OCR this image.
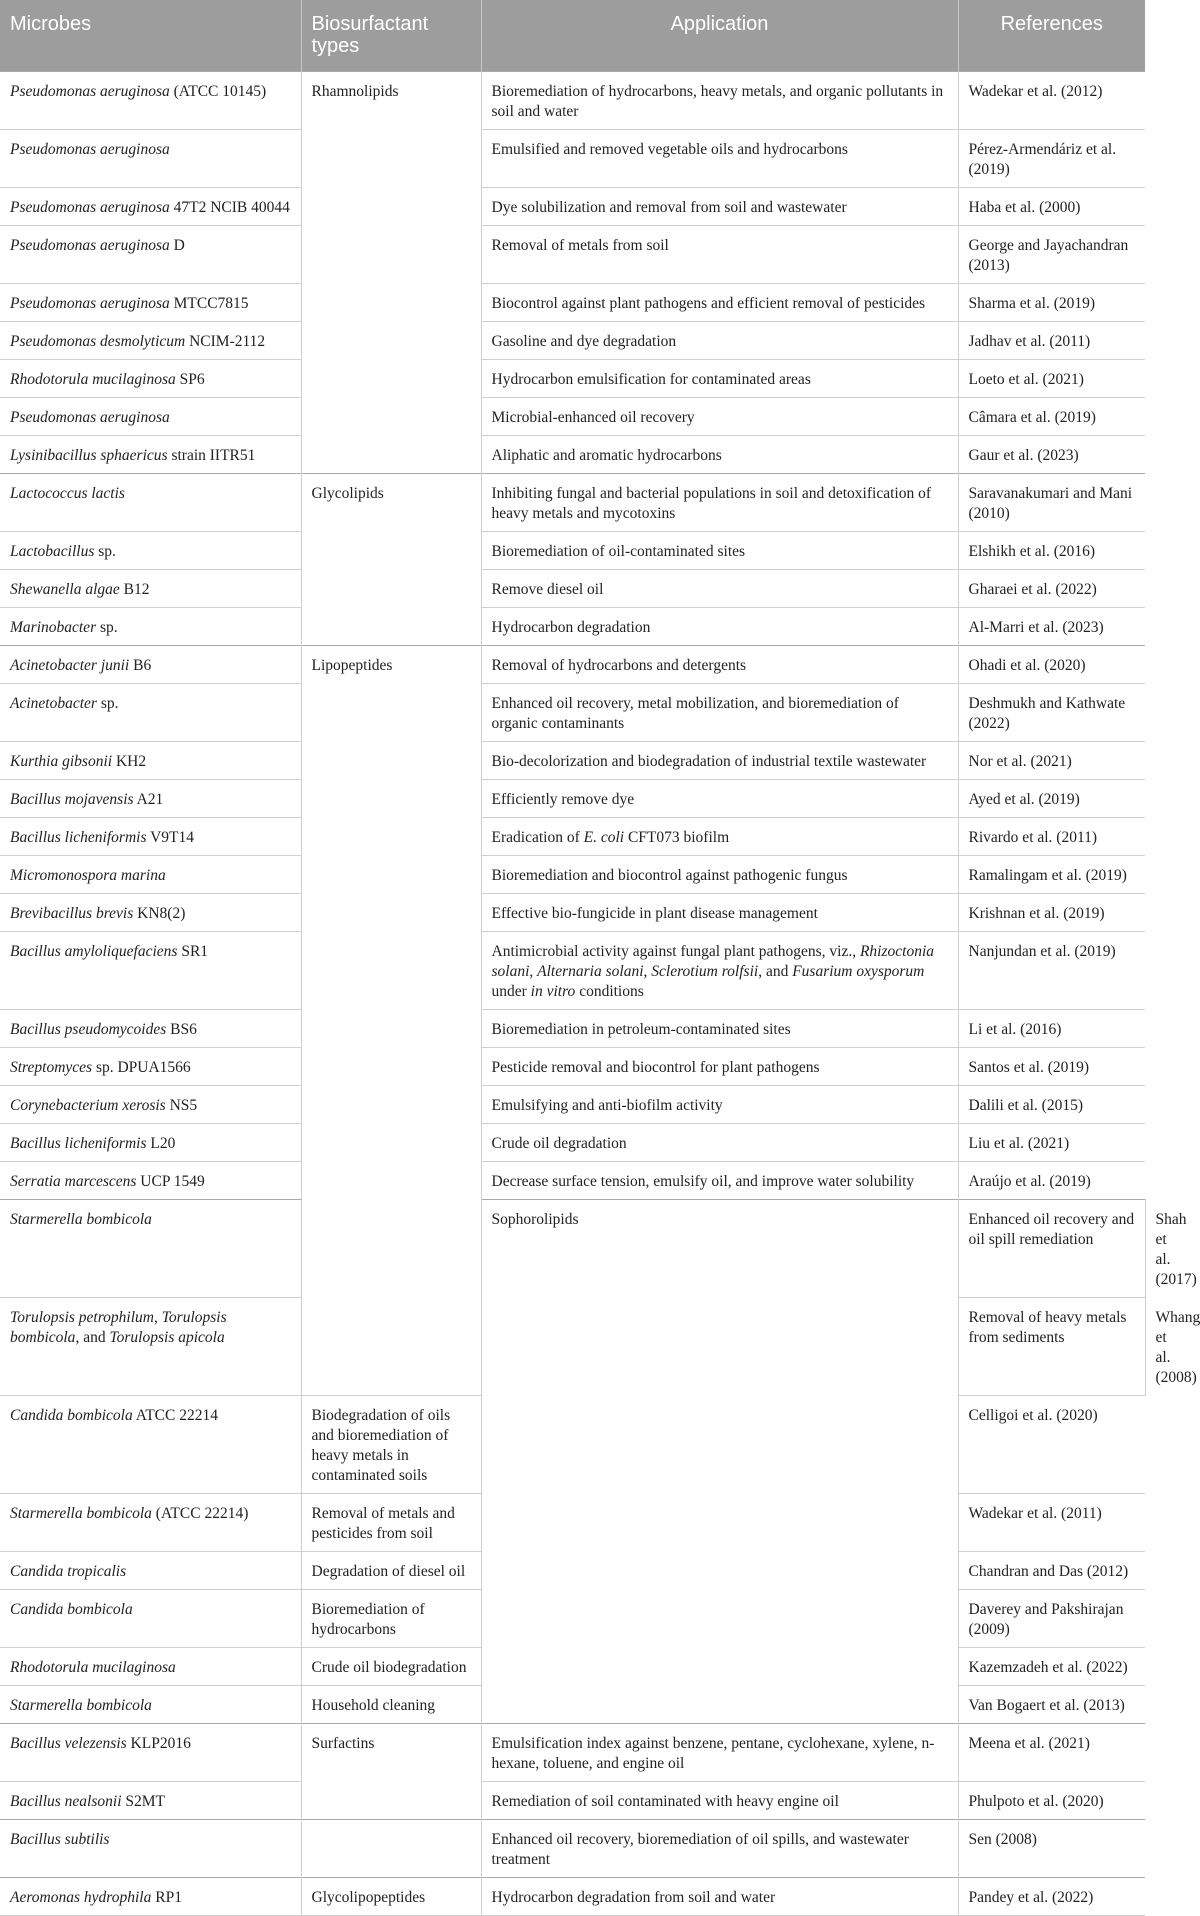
Microbes	Biosurfactant types	Application	References	
Pseudomonas aeruginosa (ATCC 10145)	Rhamnolipids	Bioremediation of hydrocarbons, heavy metals, and organic pollutants in soil and water	Wadekar et al. (2012)	
Pseudomonas aeruginosa		Emulsified and removed vegetable oils and hydrocarbons	Pérez-Armendáriz et al. (2019)	
Pseudomonas aeruginosa 47T2 NCIB 40044		Dye solubilization and removal from soil and wastewater	Haba et al. (2000)	
Pseudomonas aeruginosa D		Removal of metals from soil	George and Jayachandran (2013)	
Pseudomonas aeruginosa MTCC7815		Biocontrol against plant pathogens and efficient removal of pesticides	Sharma et al. (2019)	
Pseudomonas desmolyticum NCIM-2112		Gasoline and dye degradation	Jadhav et al. (2011)	
Rhodotorula mucilaginosa SP6		Hydrocarbon emulsification for contaminated areas	Loeto et al. (2021)	
Pseudomonas aeruginosa		Microbial-enhanced oil recovery	Câmara et al. (2019)	
Lysinibacillus sphaericus strain IITR51		Aliphatic and aromatic hydrocarbons	Gaur et al. (2023)	
Lactococcus lactis	Glycolipids	Inhibiting fungal and bacterial populations in soil and detoxification of heavy metals and mycotoxins	Saravanakumari and Mani (2010)	
Lactobacillus sp.		Bioremediation of oil-contaminated sites	Elshikh et al. (2016)	
Shewanella algae B12		Remove diesel oil	Gharaei et al. (2022)	
Marinobacter sp.		Hydrocarbon degradation	Al-Marri et al. (2023)	
Acinetobacter junii B6	Lipopeptides	Removal of hydrocarbons and detergents	Ohadi et al. (2020)	
Acinetobacter sp.		Enhanced oil recovery, metal mobilization, and bioremediation of organic contaminants	Deshmukh and Kathwate (2022)	
Kurthia gibsonii KH2		Bio-decolorization and biodegradation of industrial textile wastewater	Nor et al. (2021)	
Bacillus mojavensis A21		Efficiently remove dye	Ayed et al. (2019)	
Bacillus licheniformis V9T14		Eradication of E. coli CFT073 biofilm	Rivardo et al. (2011)	
Micromonospora marina		Bioremediation and biocontrol against pathogenic fungus	Ramalingam et al. (2019)	
Brevibacillus brevis KN8(2)		Effective bio-fungicide in plant disease management	Krishnan et al. (2019)	
Bacillus amyloliquefaciens SR1		Antimicrobial activity against fungal plant pathogens, viz., Rhizoctonia solani, Alternaria solani, Sclerotium rolfsii, and Fusarium oxysporum under in vitro conditions	Nanjundan et al. (2019)	
Bacillus pseudomycoides BS6		Bioremediation in petroleum-contaminated sites	Li et al. (2016)	
Streptomyces sp. DPUA1566		Pesticide removal and biocontrol for plant pathogens	Santos et al. (2019)	
Corynebacterium xerosis NS5		Emulsifying and anti-biofilm activity	Dalili et al. (2015)	
Bacillus licheniformis L20		Crude oil degradation	Liu et al. (2021)	
Serratia marcescens UCP 1549		Decrease surface tension, emulsify oil, and improve water solubility	Araújo et al. (2019)	
Starmerella bombicola		Sophorolipids	Enhanced oil recovery and oil spill remediation	Shah et al. (2017)
Torulopsis petrophilum, Torulopsis bombicola, and Torulopsis apicola			Removal of heavy metals from sediments	Whang et al. (2008)
Candida bombicola ATCC 22214	Biodegradation of oils and bioremediation of heavy metals in contaminated soils		Celligoi et al. (2020)	
Starmerella bombicola (ATCC 22214)	Removal of metals and pesticides from soil		Wadekar et al. (2011)	
Candida tropicalis	Degradation of diesel oil		Chandran and Das (2012)	
Candida bombicola	Bioremediation of hydrocarbons		Daverey and Pakshirajan (2009)	
Rhodotorula mucilaginosa	Crude oil biodegradation		Kazemzadeh et al. (2022)	
Starmerella bombicola	Household cleaning		Van Bogaert et al. (2013)	
Bacillus velezensis KLP2016	Surfactins	Emulsification index against benzene, pentane, cyclohexane, xylene, n-hexane, toluene, and engine oil	Meena et al. (2021)	
Bacillus nealsonii S2MT		Remediation of soil contaminated with heavy engine oil	Phulpoto et al. (2020)	
Bacillus subtilis		Enhanced oil recovery, bioremediation of oil spills, and wastewater treatment	Sen (2008)	
Aeromonas hydrophila RP1	Glycolipopeptides	Hydrocarbon degradation from soil and water	Pandey et al. (2022)	
